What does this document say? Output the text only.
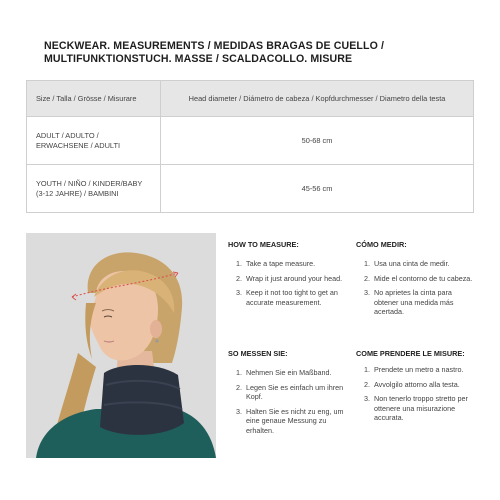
NECKWEAR. MEASUREMENTS / MEDIDAS BRAGAS DE CUELLO /
MULTIFUNKTIONSTUCH. MASSE / SCALDACOLLO. MISURE
Size / Talla / Grösse / Misurare	Head diameter / Diámetro de cabeza / Kopfdurchmesser / Diametro della testa

ADULT / ADULTO /
ERWACHSENE / ADULTI	50-68 cm

YOUTH / NIÑO / KINDER/BABY
(3-12 JAHRE) / BAMBINI	45-56 cm
HOW TO MEASURE:
1. Take a tape measure.
2. Wrap it just around your head.
3. Keep it not too tight to get an accurate measurement.
CÓMO MEDIR:
1. Usa una cinta de medir.
2. Mide el contorno de tu cabeza.
3. No aprietes la cinta para obtener una medida más acertada.
SO MESSEN SIE:
1. Nehmen Sie ein Maßband.
2. Legen Sie es einfach um ihren Kopf.
3. Halten Sie es nicht zu eng, um eine genaue Messung zu erhalten.
COME PRENDERE LE MISURE:
1. Prendete un metro a nastro.
2. Avvolgilo attorno alla testa.
3. Non tenerlo troppo stretto per ottenere una misurazione accurata.
